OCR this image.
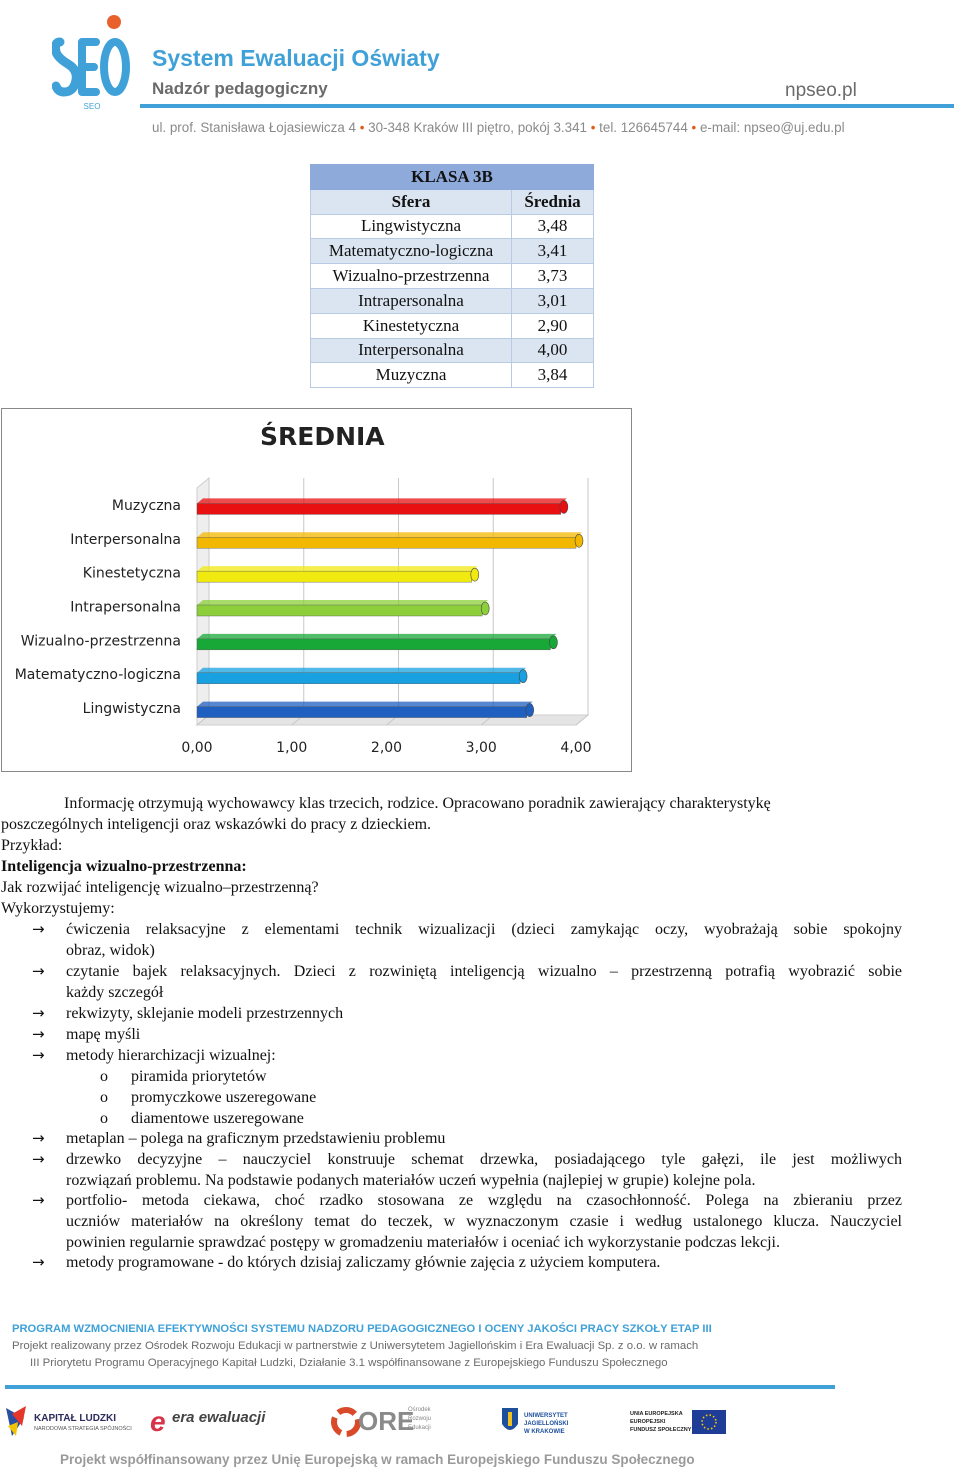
SEO
System Ewaluacji Oświaty
Nadzór pedagogiczny	npseo.pl
ul. prof. Stanisława Łojasiewicza 4 • 30-348 Kraków III piętro, pokój 3.341 • tel. 126645744 • e-mail: npseo@uj.edu.pl
KLASA 3B	
Sfera	Średnia
Lingwistyczna	3,48
Matematyczno-logiczna	3,41
Wizualno-przestrzenna	3,73
Intrapersonalna	3,01
Kinestetyczna	2,90
Interpersonalna	4,00
Muzyczna	3,84
ŚREDNIA
0,00	1,00	2,00	3,00	4,00
Lingwistyczna
Matematyczno-logiczna
Wizualno-przestrzenna
Intrapersonalna
Kinestetyczna
Interpersonalna
Muzyczna
Informację otrzymują wychowawcy klas trzecich, rodzice. Opracowano poradnik zawierający charakterystykę
poszczególnych inteligencji oraz wskazówki do pracy z dzieckiem.
Przykład:
Inteligencja wizualno-przestrzenna:
Jak rozwijać inteligencję wizualno–przestrzenną?
Wykorzystujemy:
→
→
→
→
→
→
→
→
→
ćwiczenia relaksacyjne z elementami technik wizualizacji (dzieci zamykając oczy, wyobrażają sobie spokojny
obraz, widok)
czytanie bajek relaksacyjnych. Dzieci z rozwiniętą inteligencją wizualno – przestrzenną potrafią wyobrazić sobie
każdy szczegół
rekwizyty, sklejanie modeli przestrzennych
mapę myśli
metody hierarchizacji wizualnej:
o piramida priorytetów
o promyczkowe uszeregowane
o diamentowe uszeregowane
metaplan – polega na graficznym przedstawieniu problemu
drzewko decyzyjne – nauczyciel konstruuje schemat drzewka, posiadającego tyle gałęzi, ile jest możliwych
rozwiązań problemu. Na podstawie podanych materiałów uczeń wypełnia (najlepiej w grupie) kolejne pola.
portfolio- metoda ciekawa, choć rzadko stosowana ze względu na czasochłonność. Polega na zbieraniu przez
uczniów materiałów na określony temat do teczek, w wyznaczonym czasie i według ustalonego klucza. Nauczyciel
powinien regularnie sprawdzać postępy w gromadzeniu materiałów i oceniać ich wykorzystanie podczas lekcji.
metody programowane - do których dzisiaj zaliczamy głównie zajęcia z użyciem komputera.
PROGRAM WZMOCNIENIA EFEKTYWNOŚCI SYSTEMU NADZORU PEDAGOGICZNEGO I OCENY JAKOŚCI PRACY SZKOŁY ETAP III
Projekt realizowany przez Ośrodek Rozwoju Edukacji w partnerstwie z Uniwersytetem Jagiellońskim i Era Ewaluacji Sp. z o.o. w ramach
III Priorytetu Programu Operacyjnego Kapitał Ludzki, Działanie 3.1 współfinansowane z Europejskiego Funduszu Społecznego
KAPITAŁ LUDZKI
NARODOWA STRATEGIA SPÓJNOŚCI e era ewaluacji	ORE
Ośrodek
Rozwoju
Edukacji
UNIWERSYTET
JAGIELLOŃSKI
W KRAKOWIE
UNIA EUROPEJSKA
EUROPEJSKI
FUNDUSZ SPOŁECZNY
Projekt współfinansowany przez Unię Europejską w ramach Europejskiego Funduszu Społecznego
